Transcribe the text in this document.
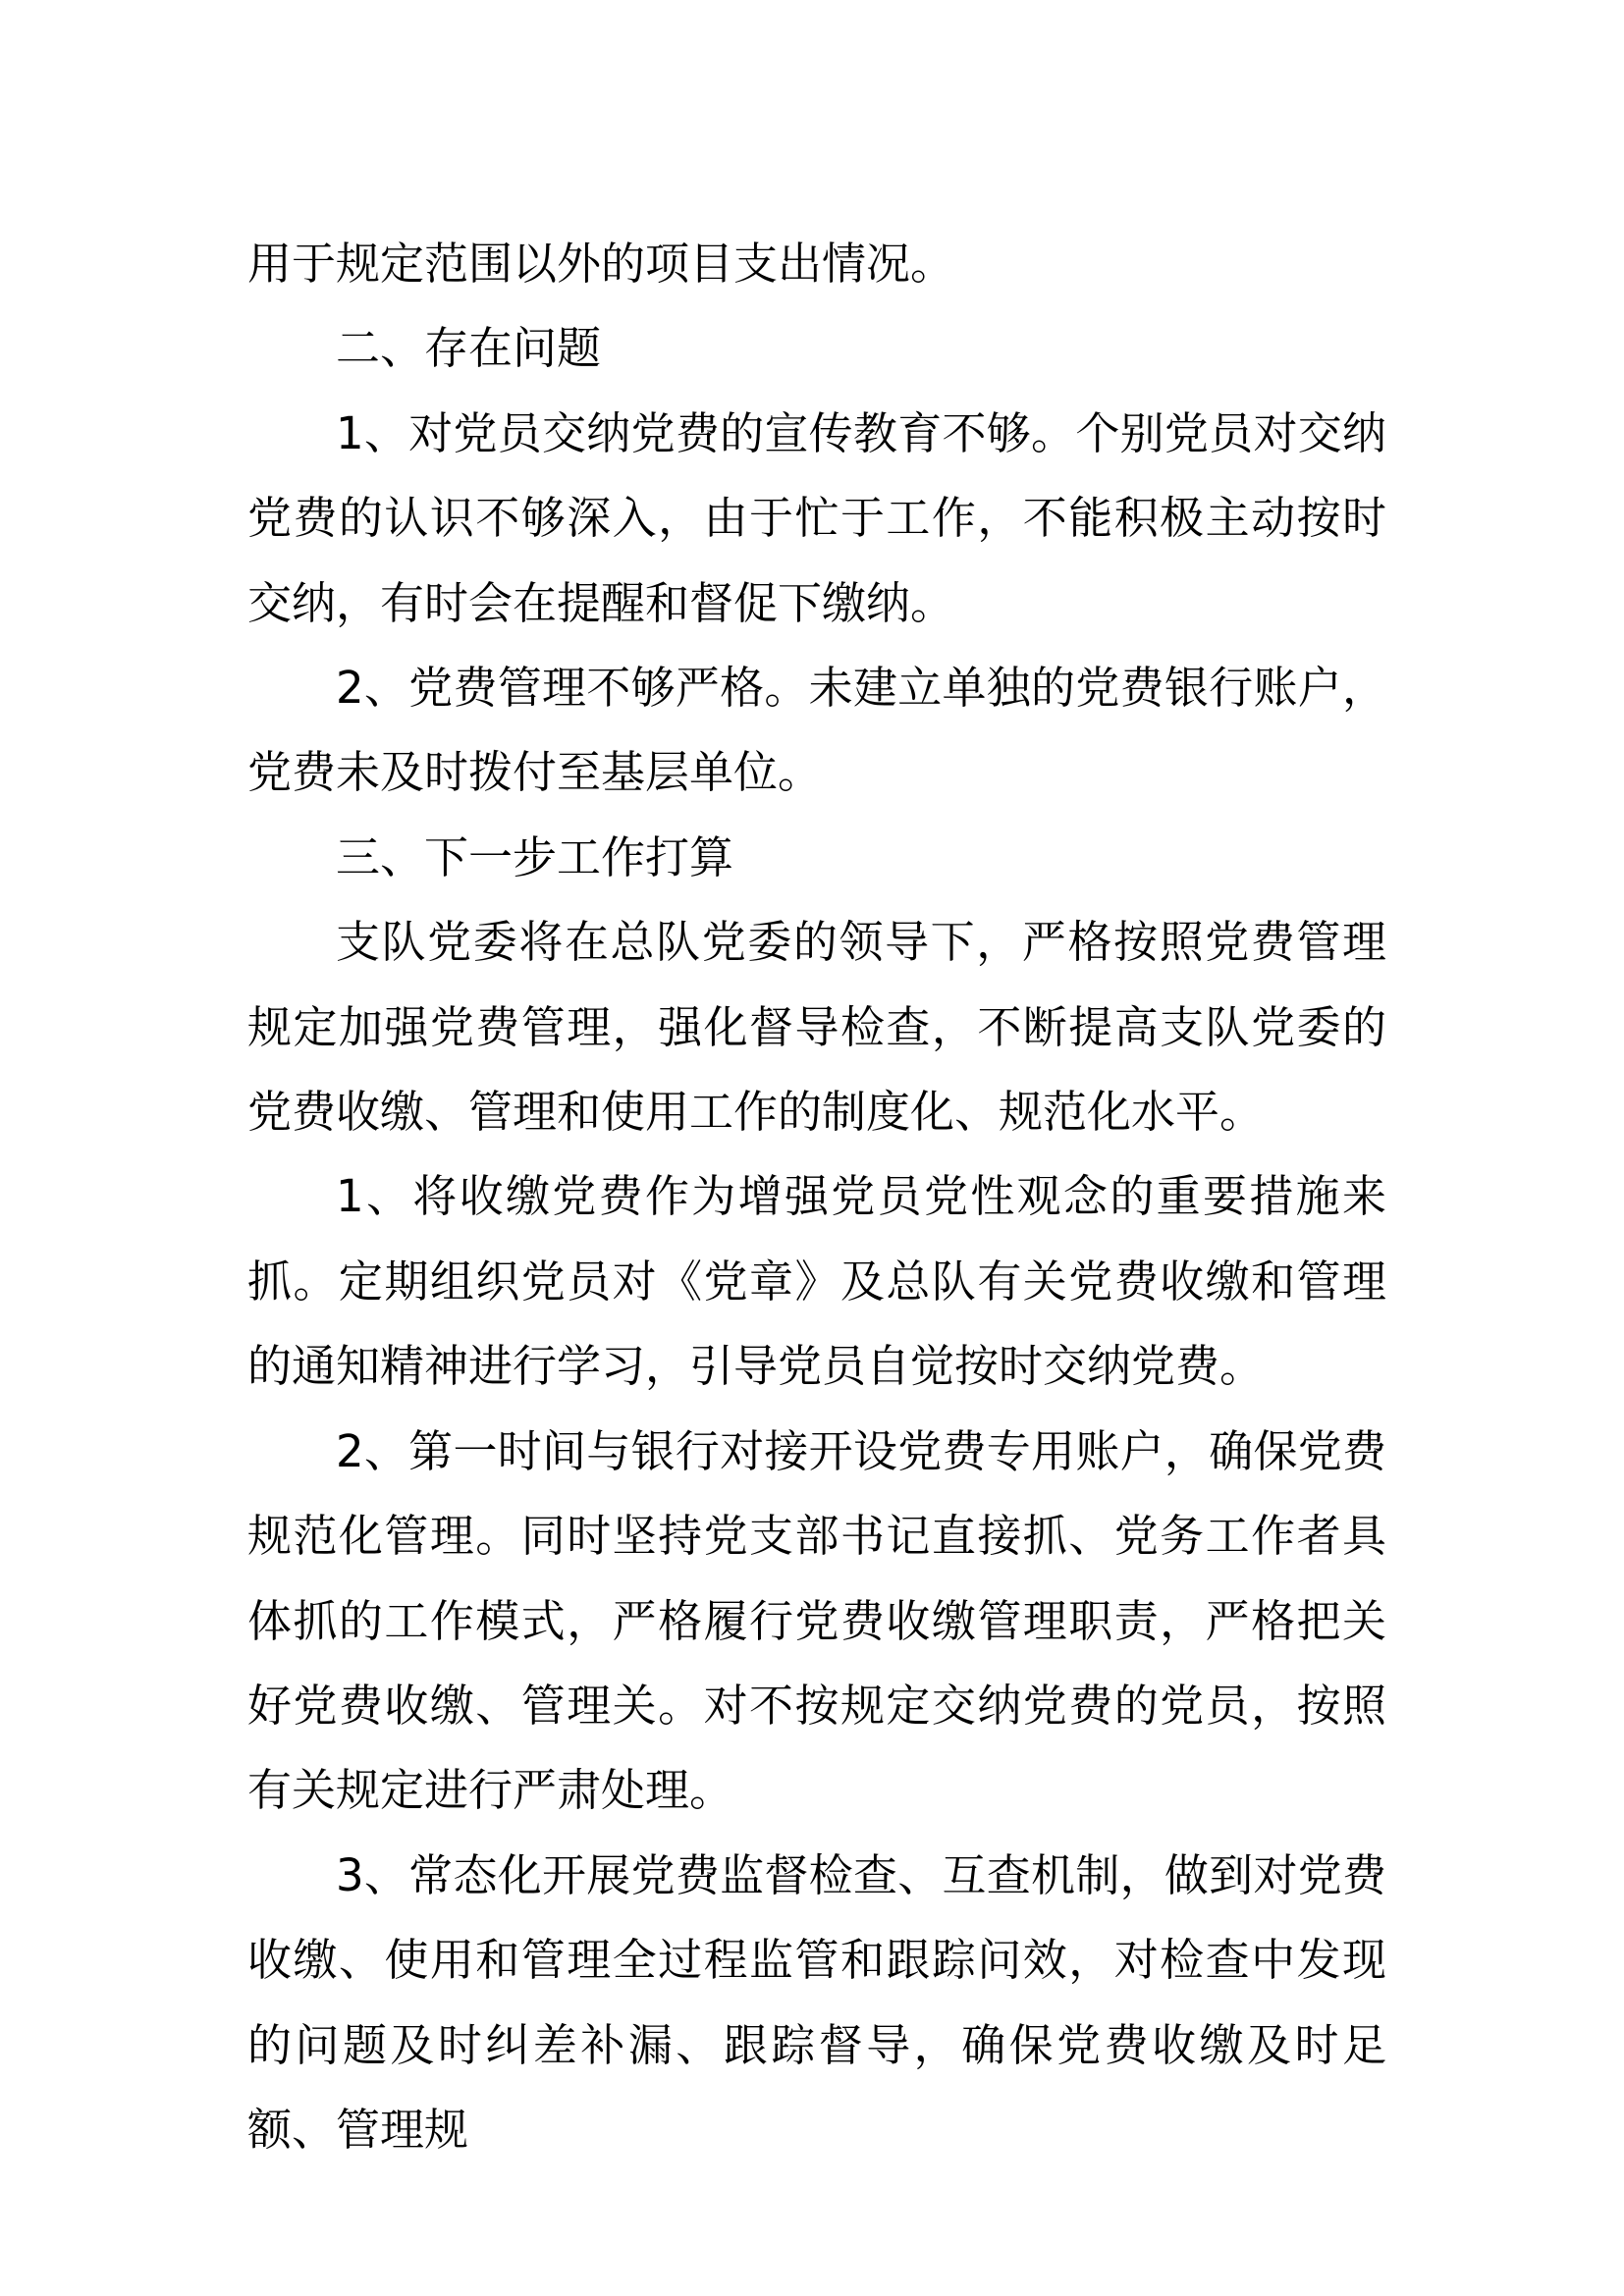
用于规定范围以外的项目支出情况。

二、存在问题

1、对党员交纳党费的宣传教育不够。个别党员对交纳党费的认识不够深入，由于忙于工作，不能积极主动按时交纳，有时会在提醒和督促下缴纳。

2、党费管理不够严格。未建立单独的党费银行账户，党费未及时拨付至基层单位。

三、下一步工作打算

支队党委将在总队党委的领导下，严格按照党费管理规定加强党费管理，强化督导检查，不断提高支队党委的党费收缴、管理和使用工作的制度化、规范化水平。

1、将收缴党费作为增强党员党性观念的重要措施来抓。定期组织党员对《党章》及总队有关党费收缴和管理的通知精神进行学习，引导党员自觉按时交纳党费。

2、第一时间与银行对接开设党费专用账户，确保党费规范化管理。同时坚持党支部书记直接抓、党务工作者具体抓的工作模式，严格履行党费收缴管理职责，严格把关好党费收缴、管理关。对不按规定交纳党费的党员，按照有关规定进行严肃处理。

3、常态化开展党费监督检查、互查机制，做到对党费收缴、使用和管理全过程监管和跟踪问效，对检查中发现的问题及时纠差补漏、跟踪督导，确保党费收缴及时足额、管理规
